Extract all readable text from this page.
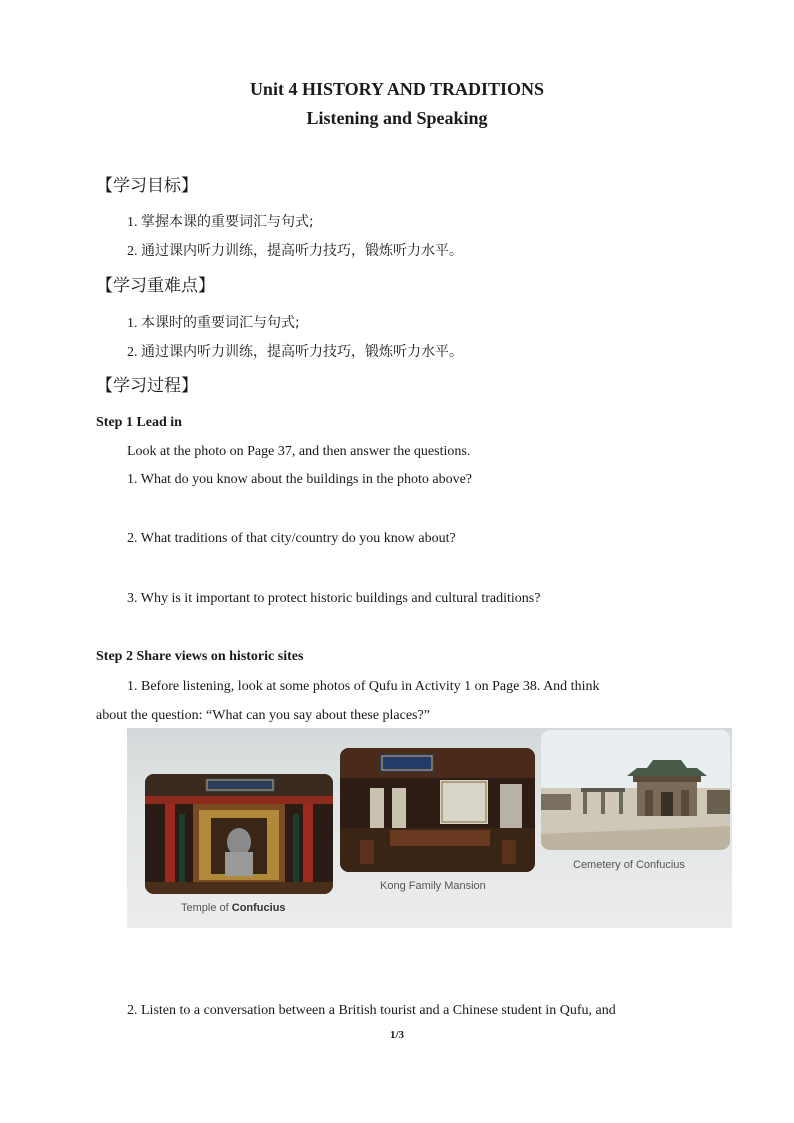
Unit 4 HISTORY AND TRADITIONS
Listening and Speaking
【学习目标】
1. 掌握本课的重要词汇与句式;
2. 通过课内听力训练，提高听力技巧，锻炼听力水平。
【学习重难点】
1. 本课时的重要词汇与句式;
2. 通过课内听力训练，提高听力技巧，锻炼听力水平。
【学习过程】
Step 1 Lead in
Look at the photo on Page 37, and then answer the questions.
1. What do you know about the buildings in the photo above?
2. What traditions of that city/country do you know about?
3. Why is it important to protect historic buildings and cultural traditions?
Step 2 Share views on historic sites
1. Before listening, look at some photos of Qufu in Activity 1 on Page 38. And think
about the question: “What can you say about these places?”
Temple of Confucius
Kong Family Mansion
Cemetery of Confucius
2. Listen to a conversation between a British tourist and a Chinese student in Qufu, and
1/3
